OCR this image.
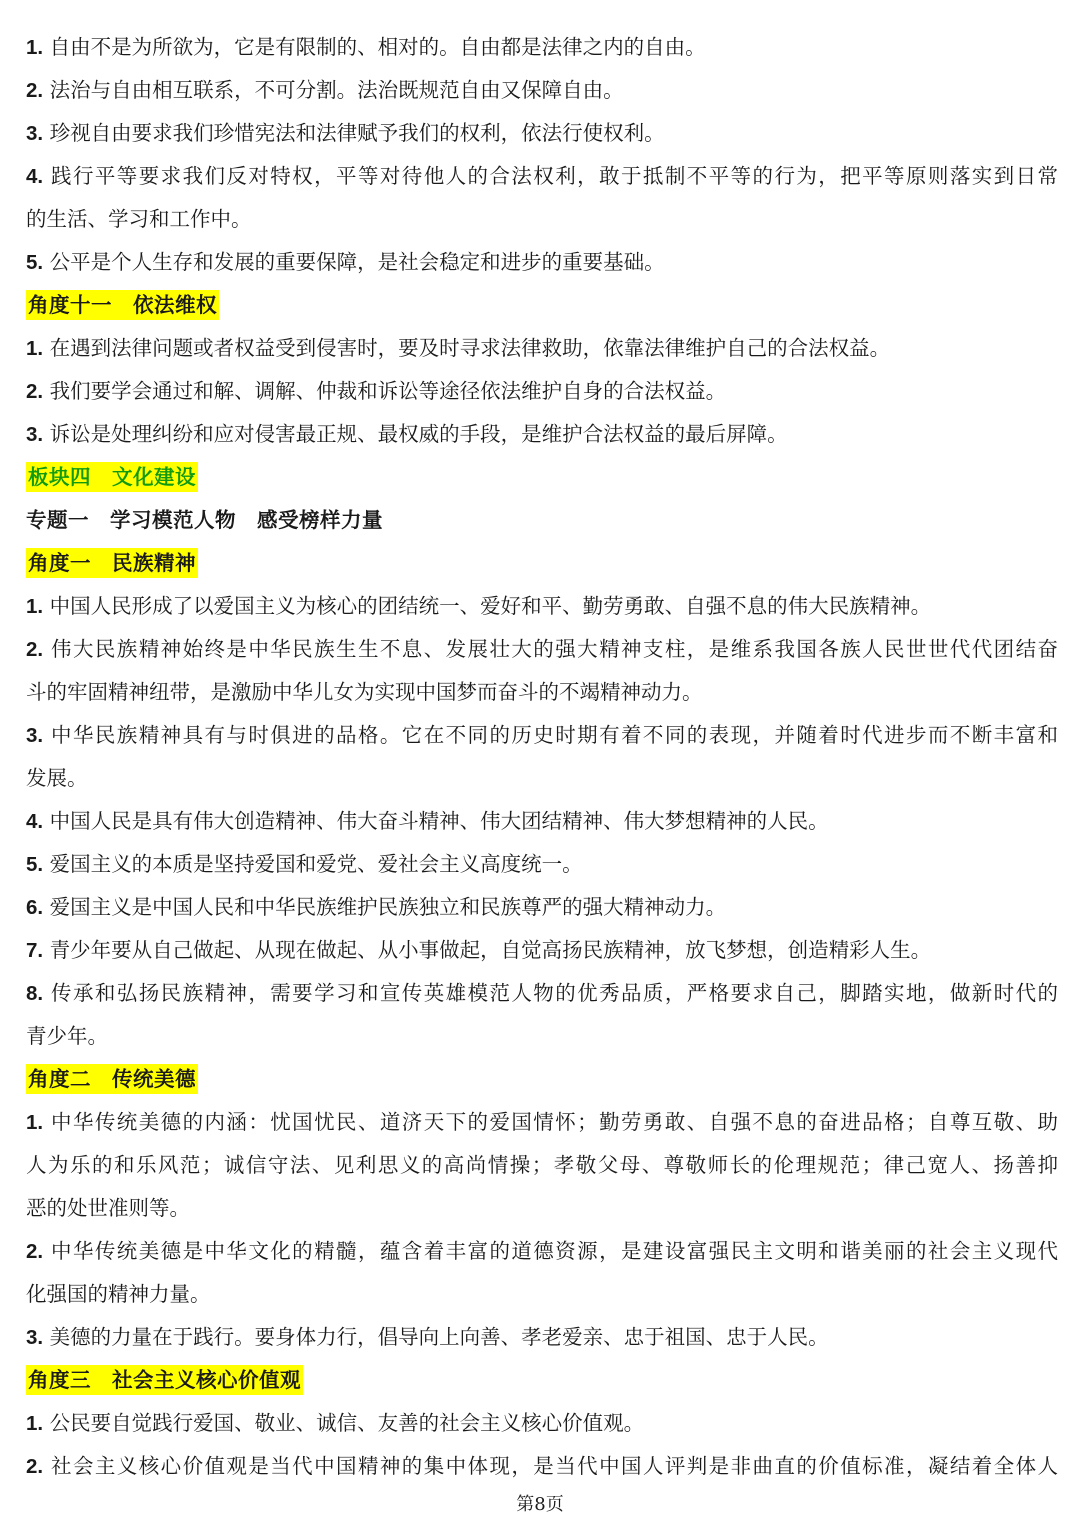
1. 自由不是为所欲为，它是有限制的、相对的。自由都是法律之内的自由。
2. 法治与自由相互联系，不可分割。法治既规范自由又保障自由。
3. 珍视自由要求我们珍惜宪法和法律赋予我们的权利，依法行使权利。
4. 践行平等要求我们反对特权，平等对待他人的合法权利，敢于抵制不平等的行为，把平等原则落实到日常
的生活、学习和工作中。
5. 公平是个人生存和发展的重要保障，是社会稳定和进步的重要基础。
角度十一　依法维权
1. 在遇到法律问题或者权益受到侵害时，要及时寻求法律救助，依靠法律维护自己的合法权益。
2. 我们要学会通过和解、调解、仲裁和诉讼等途径依法维护自身的合法权益。
3. 诉讼是处理纠纷和应对侵害最正规、最权威的手段，是维护合法权益的最后屏障。
板块四　文化建设
专题一　学习模范人物　感受榜样力量
角度一　民族精神
1. 中国人民形成了以爱国主义为核心的团结统一、爱好和平、勤劳勇敢、自强不息的伟大民族精神。
2. 伟大民族精神始终是中华民族生生不息、发展壮大的强大精神支柱，是维系我国各族人民世世代代团结奋
斗的牢固精神纽带，是激励中华儿女为实现中国梦而奋斗的不竭精神动力。
3. 中华民族精神具有与时俱进的品格。它在不同的历史时期有着不同的表现，并随着时代进步而不断丰富和
发展。
4. 中国人民是具有伟大创造精神、伟大奋斗精神、伟大团结精神、伟大梦想精神的人民。
5. 爱国主义的本质是坚持爱国和爱党、爱社会主义高度统一。
6. 爱国主义是中国人民和中华民族维护民族独立和民族尊严的强大精神动力。
7. 青少年要从自己做起、从现在做起、从小事做起，自觉高扬民族精神，放飞梦想，创造精彩人生。
8. 传承和弘扬民族精神，需要学习和宣传英雄模范人物的优秀品质，严格要求自己，脚踏实地，做新时代的
青少年。
角度二　传统美德
1. 中华传统美德的内涵：忧国忧民、道济天下的爱国情怀；勤劳勇敢、自强不息的奋进品格；自尊互敬、助
人为乐的和乐风范；诚信守法、见利思义的高尚情操；孝敬父母、尊敬师长的伦理规范；律己宽人、扬善抑
恶的处世准则等。
2. 中华传统美德是中华文化的精髓，蕴含着丰富的道德资源，是建设富强民主文明和谐美丽的社会主义现代
化强国的精神力量。
3. 美德的力量在于践行。要身体力行，倡导向上向善、孝老爱亲、忠于祖国、忠于人民。
角度三　社会主义核心价值观
1. 公民要自觉践行爱国、敬业、诚信、友善的社会主义核心价值观。
2. 社会主义核心价值观是当代中国精神的集中体现，是当代中国人评判是非曲直的价值标准，凝结着全体人
第8页
